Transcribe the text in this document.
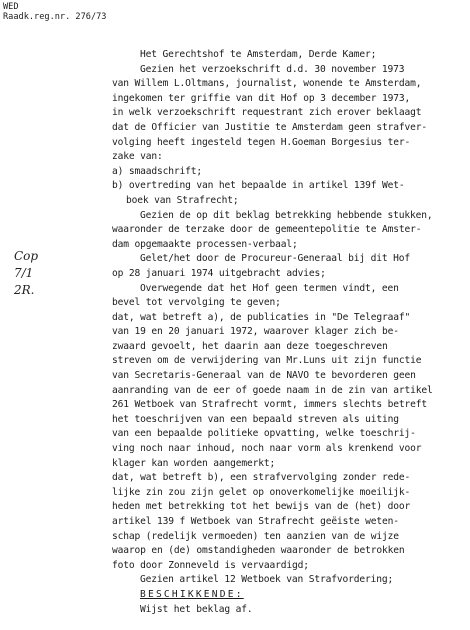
WED
Raadk.reg.nr. 276/73
Cop
7/1
2R.
Het Gerechtshof te Amsterdam, Derde Kamer;
Gezien het verzoekschrift d.d. 30 november 1973
van Willem L.Oltmans, journalist, wonende te Amsterdam,
ingekomen ter griffie van dit Hof op 3 december 1973,
in welk verzoekschrift requestrant zich erover beklaagt
dat de Officier van Justitie te Amsterdam geen strafver-
volging heeft ingesteld tegen H.Goeman Borgesius ter-
zake van:
a) smaadschrift;
b) overtreding van het bepaalde in artikel 139f Wet-
boek van Strafrecht;
Gezien de op dit beklag betrekking hebbende stukken,
waaronder de terzake door de gemeentepolitie te Amster-
dam opgemaakte processen-verbaal;
Gelet/het door de Procureur-Generaal bij dit Hof
op 28 januari 1974 uitgebracht advies;
Overwegende dat het Hof geen termen vindt, een
bevel tot vervolging te geven;
dat, wat betreft a), de publicaties in "De Telegraaf"
van 19 en 20 januari 1972, waarover klager zich be-
zwaard gevoelt, het daarin aan deze toegeschreven
streven om de verwijdering van Mr.Luns uit zijn functie
van Secretaris-Generaal van de NAVO te bevorderen geen
aanranding van de eer of goede naam in de zin van artikel
261 Wetboek van Strafrecht vormt, immers slechts betreft
het toeschrijven van een bepaald streven als uiting
van een bepaalde politieke opvatting, welke toeschrij-
ving noch naar inhoud, noch naar vorm als krenkend voor
klager kan worden aangemerkt;
dat, wat betreft b), een strafvervolging zonder rede-
lijke zin zou zijn gelet op onoverkomelijke moeilijk-
heden met betrekking tot het bewijs van de (het) door
artikel 139 f Wetboek van Strafrecht geëiste weten-
schap (redelijk vermoeden) ten aanzien van de wijze
waarop en (de) omstandigheden waaronder de betrokken
foto door Zonneveld is vervaardigd;
Gezien artikel 12 Wetboek van Strafvordering;
BESCHIKKENDE:
Wijst het beklag af.
